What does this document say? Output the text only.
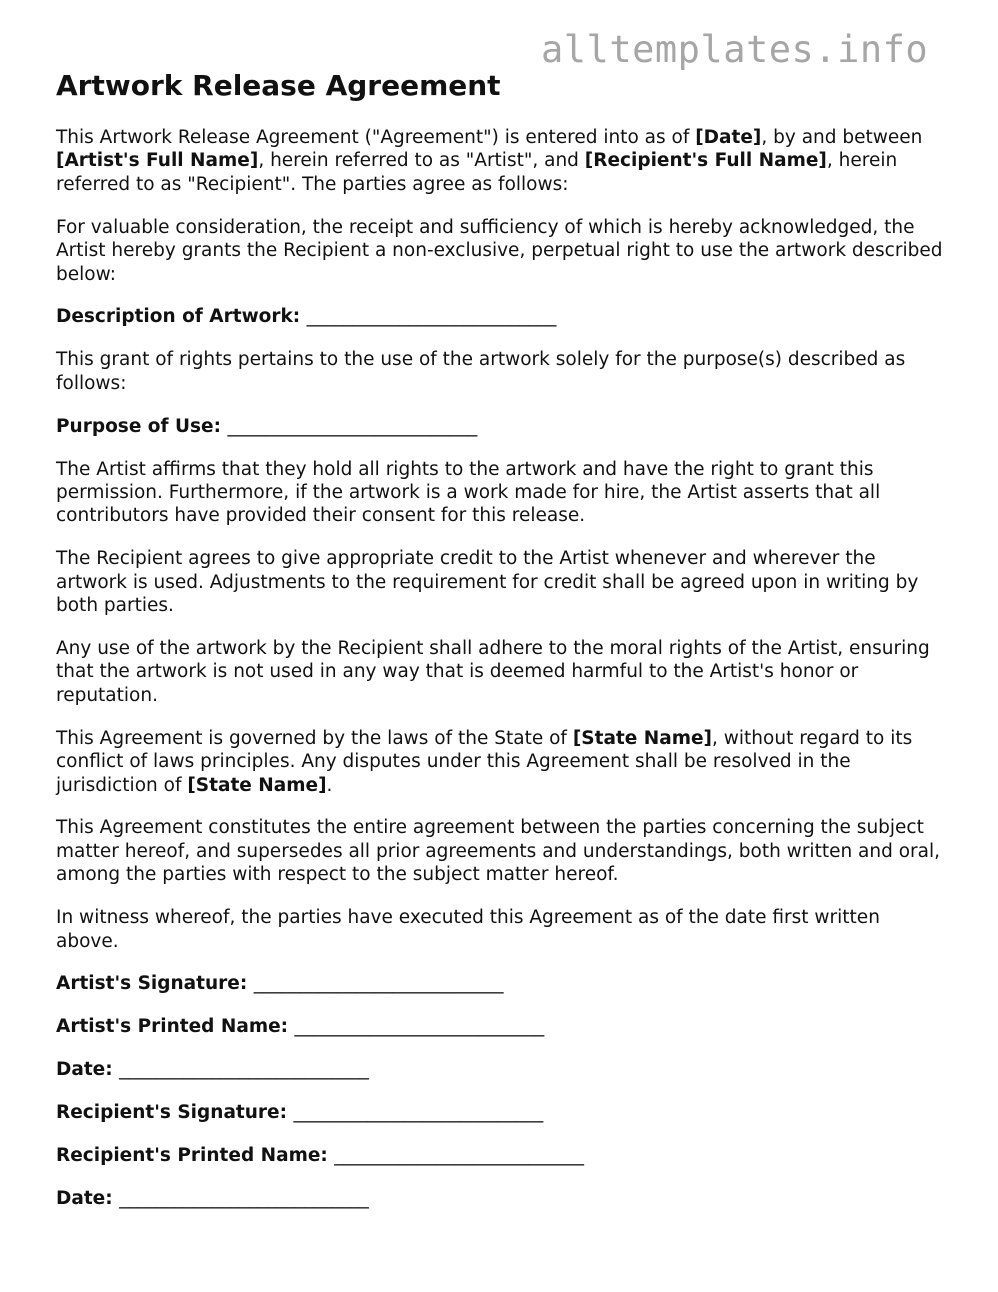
alltemplates.info
Artwork Release Agreement

This Artwork Release Agreement ("Agreement") is entered into as of [Date], by and between [Artist's Full Name], herein referred to as "Artist", and [Recipient's Full Name], herein referred to as "Recipient". The parties agree as follows:

For valuable consideration, the receipt and sufficiency of which is hereby acknowledged, the Artist hereby grants the Recipient a non-exclusive, perpetual right to use the artwork described below:

Description of Artwork: ___________________________

This grant of rights pertains to the use of the artwork solely for the purpose(s) described as follows:

Purpose of Use: ___________________________

The Artist affirms that they hold all rights to the artwork and have the right to grant this permission. Furthermore, if the artwork is a work made for hire, the Artist asserts that all contributors have provided their consent for this release.

The Recipient agrees to give appropriate credit to the Artist whenever and wherever the artwork is used. Adjustments to the requirement for credit shall be agreed upon in writing by both parties.

Any use of the artwork by the Recipient shall adhere to the moral rights of the Artist, ensuring that the artwork is not used in any way that is deemed harmful to the Artist's honor or reputation.

This Agreement is governed by the laws of the State of [State Name], without regard to its conflict of laws principles. Any disputes under this Agreement shall be resolved in the jurisdiction of [State Name].

This Agreement constitutes the entire agreement between the parties concerning the subject matter hereof, and supersedes all prior agreements and understandings, both written and oral, among the parties with respect to the subject matter hereof.

In witness whereof, the parties have executed this Agreement as of the date first written above.

Artist's Signature: ___________________________
Artist's Printed Name: ___________________________
Date: ___________________________
Recipient's Signature: ___________________________
Recipient's Printed Name: ___________________________
Date: ___________________________
